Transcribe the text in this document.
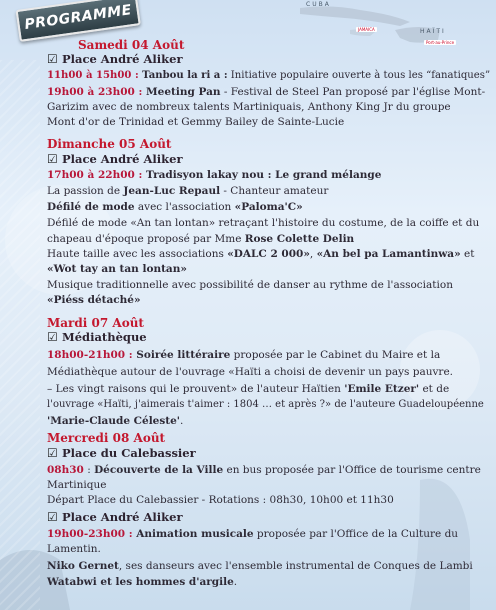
CUBA
HAÏTI
JAMAICA
Port-au-Prince
PROGRAMME
Samedi 04 Août
☑ Place André Aliker
11h00 à 15h00 : Tanbou la ri a : Initiative populaire ouverte à tous les “fanatiques”
19h00 à 23h00 : Meeting Pan - Festival de Steel Pan proposé par l'église Mont-
Garizim avec de nombreux talents Martiniquais, Anthony King Jr du groupe
Mont d'or de Trinidad et Gemmy Bailey de Sainte-Lucie
Dimanche 05 Août
☑ Place André Aliker
17h00 à 22h00 : Tradisyon lakay nou : Le grand mélange
La passion de Jean-Luc Repaul - Chanteur amateur
Défilé de mode avec l'association «Paloma'C»
Défilé de mode «An tan lontan» retraçant l'histoire du costume, de la coiffe et du
chapeau d'époque proposé par Mme Rose Colette Delin
Haute taille avec les associations «DALC 2 000», «An bel pa Lamantinwa» et
«Wot tay an tan lontan»
Musique traditionnelle avec possibilité de danser au rythme de l'association
«Piéss détaché»
Mardi 07 Août
☑ Médiathèque
18h00-21h00 : Soirée littéraire proposée par le Cabinet du Maire et la
Médiathèque autour de l'ouvrage «Haïti a choisi de devenir un pays pauvre.
– Les vingt raisons qui le prouvent» de l'auteur Haïtien 'Emile Etzer' et de
l'ouvrage «Haïti, j'aimerais t'aimer : 1804 … et après ?» de l'auteure Guadeloupéenne
'Marie-Claude Céleste'.
Mercredi 08 Août
☑ Place du Calebassier
08h30 : Découverte de la Ville en bus proposée par l'Office de tourisme centre
Martinique
Départ Place du Calebassier - Rotations : 08h30, 10h00 et 11h30
☑ Place André Aliker
19h00-23h00 : Animation musicale proposée par l'Office de la Culture du
Lamentin.
Niko Gernet, ses danseurs avec l'ensemble instrumental de Conques de Lambi
Watabwi et les hommes d'argile.
